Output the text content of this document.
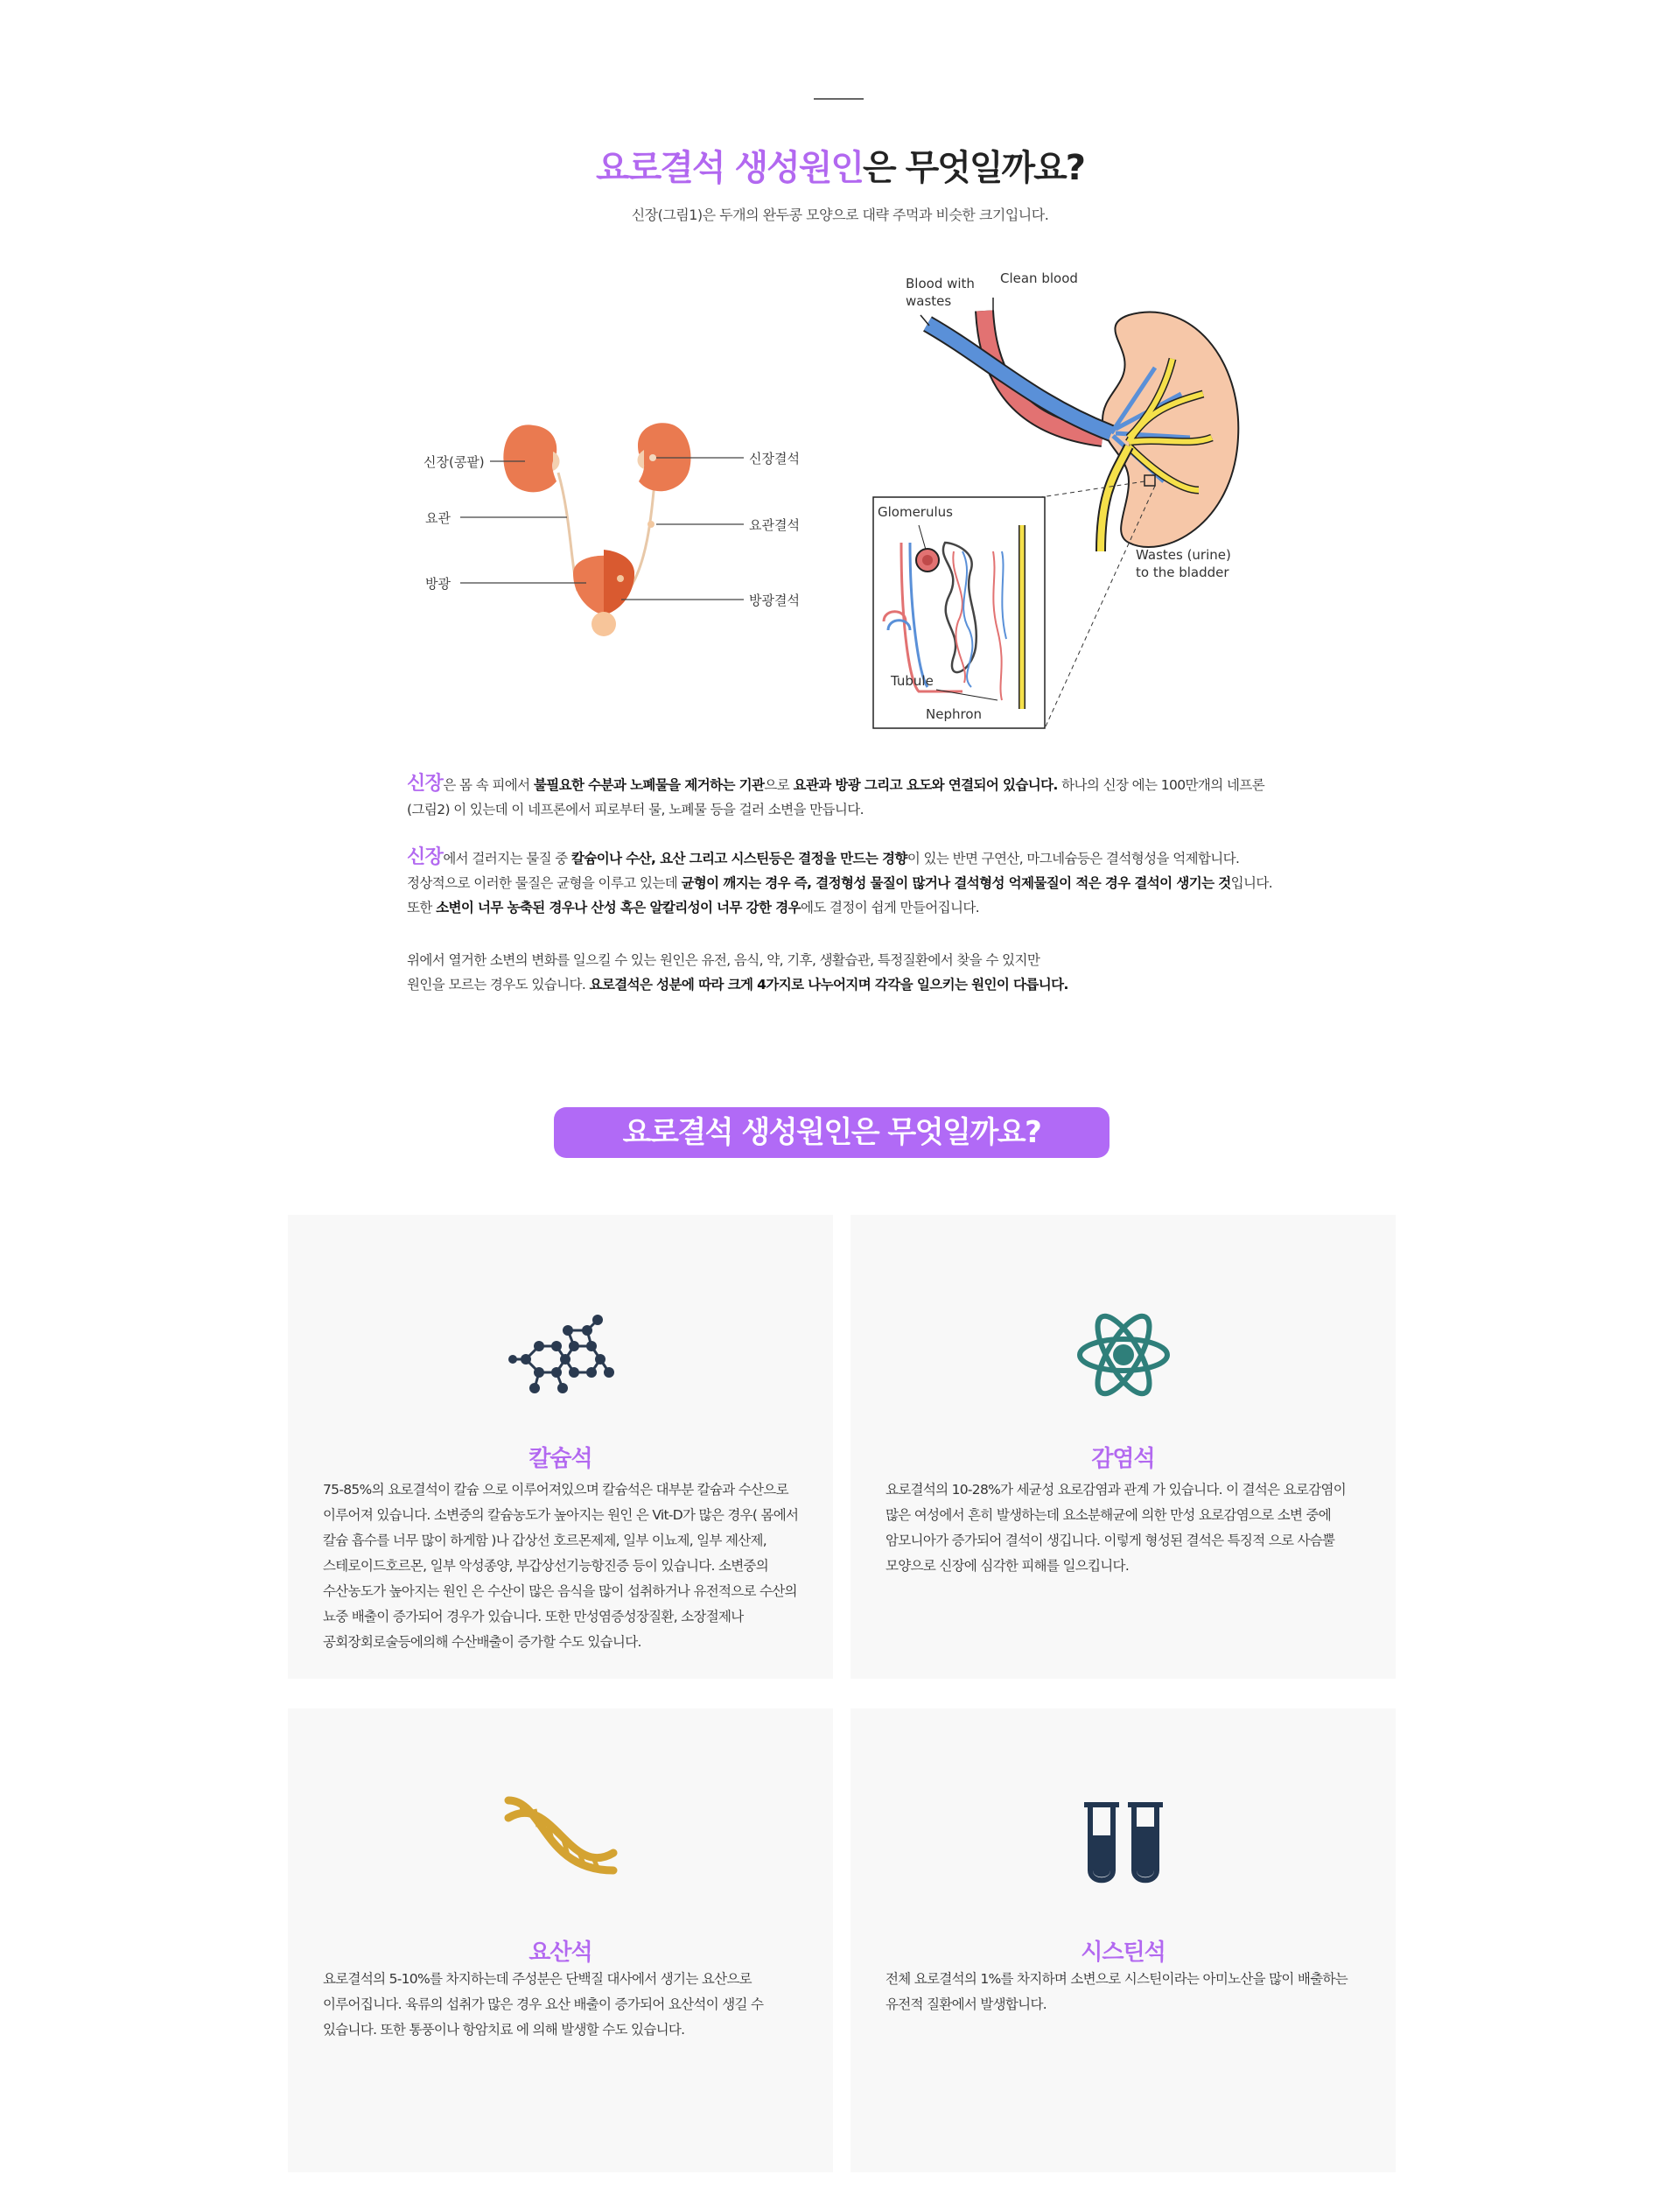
요로결석 생성원인은 무엇일까요?
신장(그림1)은 두개의 완두콩 모양으로 대략 주먹과 비슷한 크기입니다.
신장(콩팥)
요관
방광
신장결석
요관결석
방광결석
Blood with
wastes
Clean blood
Glomerulus
Tubule
Nephron
Wastes (urine)
to the bladder
신장은 몸 속 피에서 불필요한 수분과 노폐물을 제거하는 기관으로 요관과 방광 그리고 요도와 연결되어 있습니다. 하나의 신장 에는 100만개의 네프론
(그림2) 이 있는데 이 네프론에서 피로부터 물, 노폐물 등을 걸러 소변을 만듭니다.
신장에서 걸러지는 물질 중 칼슘이나 수산, 요산 그리고 시스틴등은 결정을 만드는 경향이 있는 반면 구연산, 마그네슘등은 결석형성을 억제합니다.
정상적으로 이러한 물질은 균형을 이루고 있는데 균형이 깨지는 경우 즉, 결정형성 물질이 많거나 결석형성 억제물질이 적은 경우 결석이 생기는 것입니다.
또한 소변이 너무 농축된 경우나 산성 혹은 알칼리성이 너무 강한 경우에도 결정이 쉽게 만들어집니다.
위에서 열거한 소변의 변화를 일으킬 수 있는 원인은 유전, 음식, 약, 기후, 생활습관, 특정질환에서 찾을 수 있지만
원인을 모르는 경우도 있습니다. 요로결석은 성분에 따라 크게 4가지로 나누어지며 각각을 일으키는 원인이 다릅니다.
요로결석 생성원인은 무엇일까요?
칼슘석
75-85%의 요로결석이 칼슘 으로 이루어져있으며 칼슘석은 대부분 칼슘과 수산으로
이루어져 있습니다. 소변중의 칼슘농도가 높아지는 원인 은 Vit-D가 많은 경우( 몸에서
칼슘 흡수를 너무 많이 하게함 )나 갑상선 호르몬제제, 일부 이뇨제, 일부 제산제,
스테로이드호르몬, 일부 악성종양, 부갑상선기능항진증 등이 있습니다. 소변중의
수산농도가 높아지는 원인 은 수산이 많은 음식을 많이 섭취하거나 유전적으로 수산의
뇨중 배출이 증가되어 경우가 있습니다. 또한 만성염증성장질환, 소장절제나
공회장회로술등에의해 수산배출이 증가할 수도 있습니다.
감염석
요로결석의 10-28%가 세균성 요로감염과 관계 가 있습니다. 이 결석은 요로감염이
많은 여성에서 흔히 발생하는데 요소분해균에 의한 만성 요로감염으로 소변 중에
암모니아가 증가되어 결석이 생깁니다. 이렇게 형성된 결석은 특징적 으로 사슴뿔
모양으로 신장에 심각한 피해를 일으킵니다.
요산석
요로결석의 5-10%를 차지하는데 주성분은 단백질 대사에서 생기는 요산으로
이루어집니다. 육류의 섭취가 많은 경우 요산 배출이 증가되어 요산석이 생길 수
있습니다. 또한 통풍이나 항암치료 에 의해 발생할 수도 있습니다.
시스틴석
전체 요로결석의 1%를 차지하며 소변으로 시스틴이라는 아미노산을 많이 배출하는
유전적 질환에서 발생합니다.
